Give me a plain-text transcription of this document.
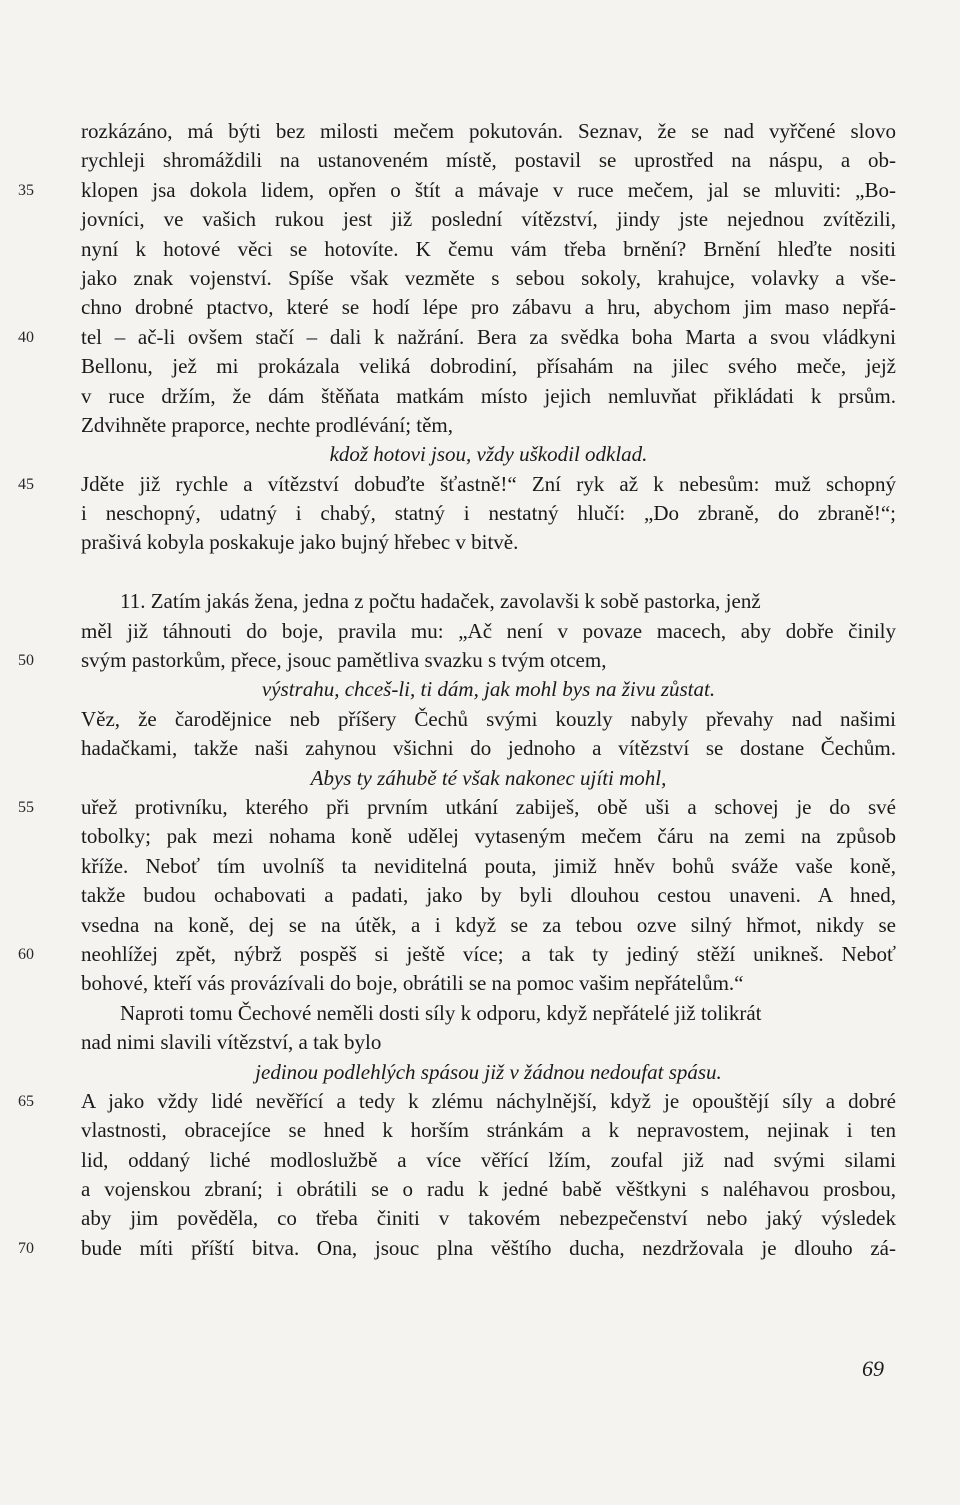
rozkázáno, má býti bez milosti mečem pokutován. Seznav, že se nad vyřčené slovo
rychleji shromáždili na ustanoveném místě, postavil se uprostřed na náspu, a ob-
35	klopen jsa dokola lidem, opřen o štít a mávaje v ruce mečem, jal se mluviti: „Bo-
jovníci, ve vašich rukou jest již poslední vítězství, jindy jste nejednou zvítězili,
nyní k hotové věci se hotovíte. K čemu vám třeba brnění? Brnění hleďte nositi
jako znak vojenství. Spíše však vezměte s sebou sokoly, krahujce, volavky a vše-
chno drobné ptactvo, které se hodí lépe pro zábavu a hru, abychom jim maso nepřá-
40	tel – ač-li ovšem stačí – dali k nažrání. Bera za svědka boha Marta a svou vládkyni
Bellonu, jež mi prokázala veliká dobrodiní, přísahám na jilec svého meče, jejž
v ruce držím, že dám štěňata matkám místo jejich nemluvňat přikládati k prsům.
Zdvihněte praporce, nechte prodlévání; těm,
kdož hotovi jsou, vždy uškodil odklad.
45	Jděte již rychle a vítězství dobuďte šťastně!“ Zní ryk až k nebesům: muž schopný
i neschopný, udatný i chabý, statný i nestatný hlučí: „Do zbraně, do zbraně!“;
prašivá kobyla poskakuje jako bujný hřebec v bitvě.
11. Zatím jakás žena, jedna z počtu hadaček, zavolavši k sobě pastorka, jenž
měl již táhnouti do boje, pravila mu: „Ač není v povaze macech, aby dobře činily
50	svým pastorkům, přece, jsouc pamětliva svazku s tvým otcem,
výstrahu, chceš-li, ti dám, jak mohl bys na živu zůstat.
Věz, že čarodějnice neb příšery Čechů svými kouzly nabyly převahy nad našimi
hadačkami, takže naši zahynou všichni do jednoho a vítězství se dostane Čechům.
Abys ty záhubě té však nakonec ujíti mohl,
55	uřež protivníku, kterého při prvním utkání zabiješ, obě uši a schovej je do své
tobolky; pak mezi nohama koně udělej vytaseným mečem čáru na zemi na způsob
kříže. Neboť tím uvolníš ta neviditelná pouta, jimiž hněv bohů sváže vaše koně,
takže budou ochabovati a padati, jako by byli dlouhou cestou unaveni. A hned,
vsedna na koně, dej se na útěk, a i když se za tebou ozve silný hřmot, nikdy se
60	neohlížej zpět, nýbrž pospěš si ještě více; a tak ty jediný stěží unikneš. Neboť
bohové, kteří vás provázívali do boje, obrátili se na pomoc vašim nepřátelům.“
Naproti tomu Čechové neměli dosti síly k odporu, když nepřátelé již tolikrát
nad nimi slavili vítězství, a tak bylo
jedinou podlehlých spásou již v žádnou nedoufat spásu.
65	A jako vždy lidé nevěřící a tedy k zlému náchylnější, když je opouštějí síly a dobré
vlastnosti, obracejíce se hned k horším stránkám a k nepravostem, nejinak i ten
lid, oddaný liché modloslužbě a více věřící lžím, zoufal již nad svými silami
a vojenskou zbraní; i obrátili se o radu k jedné babě věštkyni s naléhavou prosbou,
aby jim pověděla, co třeba činiti v takovém nebezpečenství nebo jaký výsledek
70	bude míti příští bitva. Ona, jsouc plna věštího ducha, nezdržovala je dlouho zá-
69
